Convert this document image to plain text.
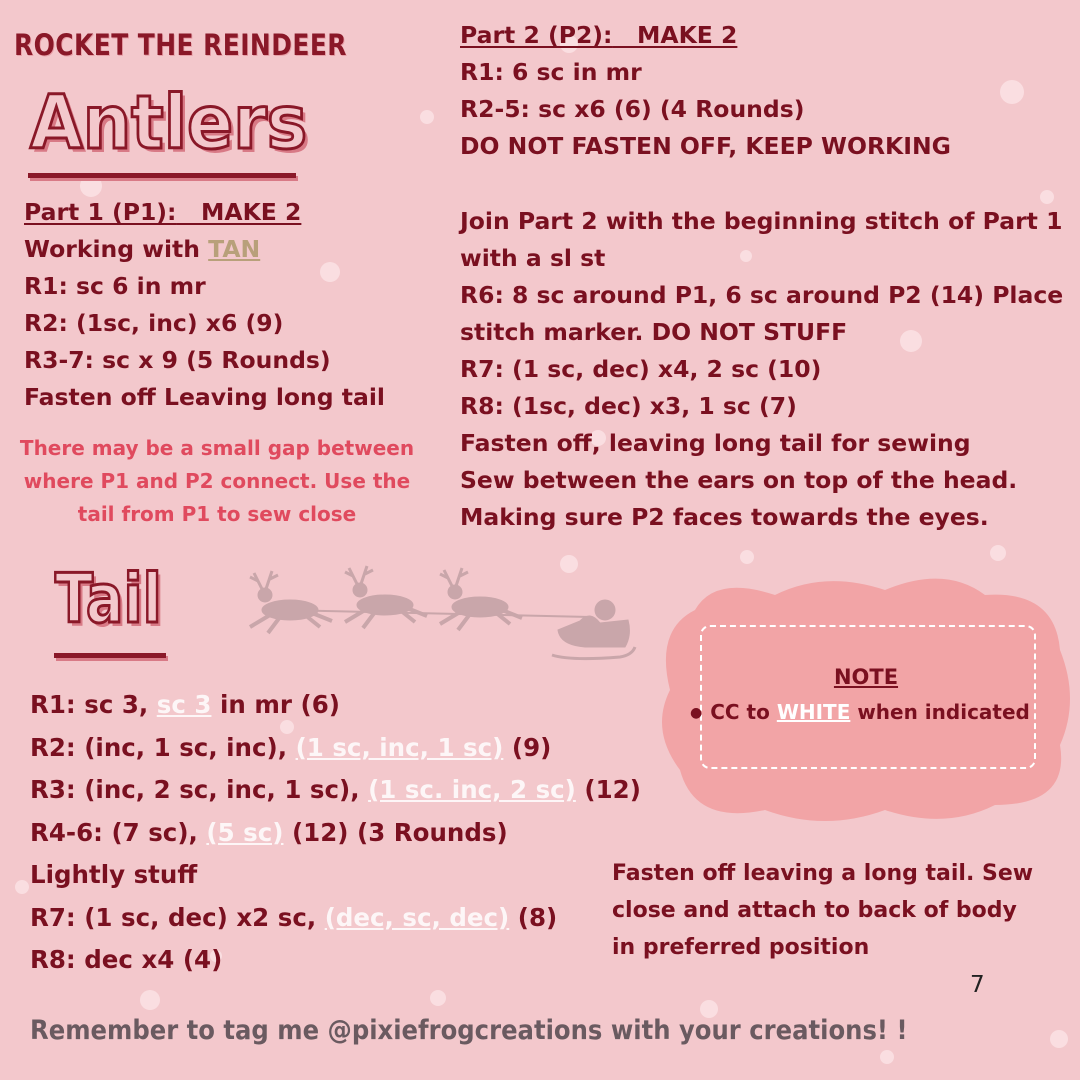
ROCKET THE REINDEER
Antlers
Part 1 (P1): MAKE 2
Working with TAN
R1: sc 6 in mr
R2: (1sc, inc) x6 (9)
R3-7: sc x 9 (5 Rounds)
Fasten off Leaving long tail
There may be a small gap between
where P1 and P2 connect. Use the
tail from P1 to sew close
Part 2 (P2): MAKE 2
R1: 6 sc in mr
R2-5: sc x6 (6) (4 Rounds)
DO NOT FASTEN OFF, KEEP WORKING
Join Part 2 with the beginning stitch of Part 1
with a sl st
R6: 8 sc around P1, 6 sc around P2 (14) Place
stitch marker. DO NOT STUFF
R7: (1 sc, dec) x4, 2 sc (10)
R8: (1sc, dec) x3, 1 sc (7)
Fasten off, leaving long tail for sewing
Sew between the ears on top of the head.
Making sure P2 faces towards the eyes.
Tail
R1: sc 3, sc 3 in mr (6)
R2: (inc, 1 sc, inc), (1 sc, inc, 1 sc) (9)
R3: (inc, 2 sc, inc, 1 sc), (1 sc. inc, 2 sc) (12)
R4-6: (7 sc), (5 sc) (12) (3 Rounds)
Lightly stuff
R7: (1 sc, dec) x2 sc, (dec, sc, dec) (8)
R8: dec x4 (4)
NOTE
● CC to WHITE when indicated
Fasten off leaving a long tail. Sew
close and attach to back of body
in preferred position
7
Remember to tag me @pixiefrogcreations with your creations! !
